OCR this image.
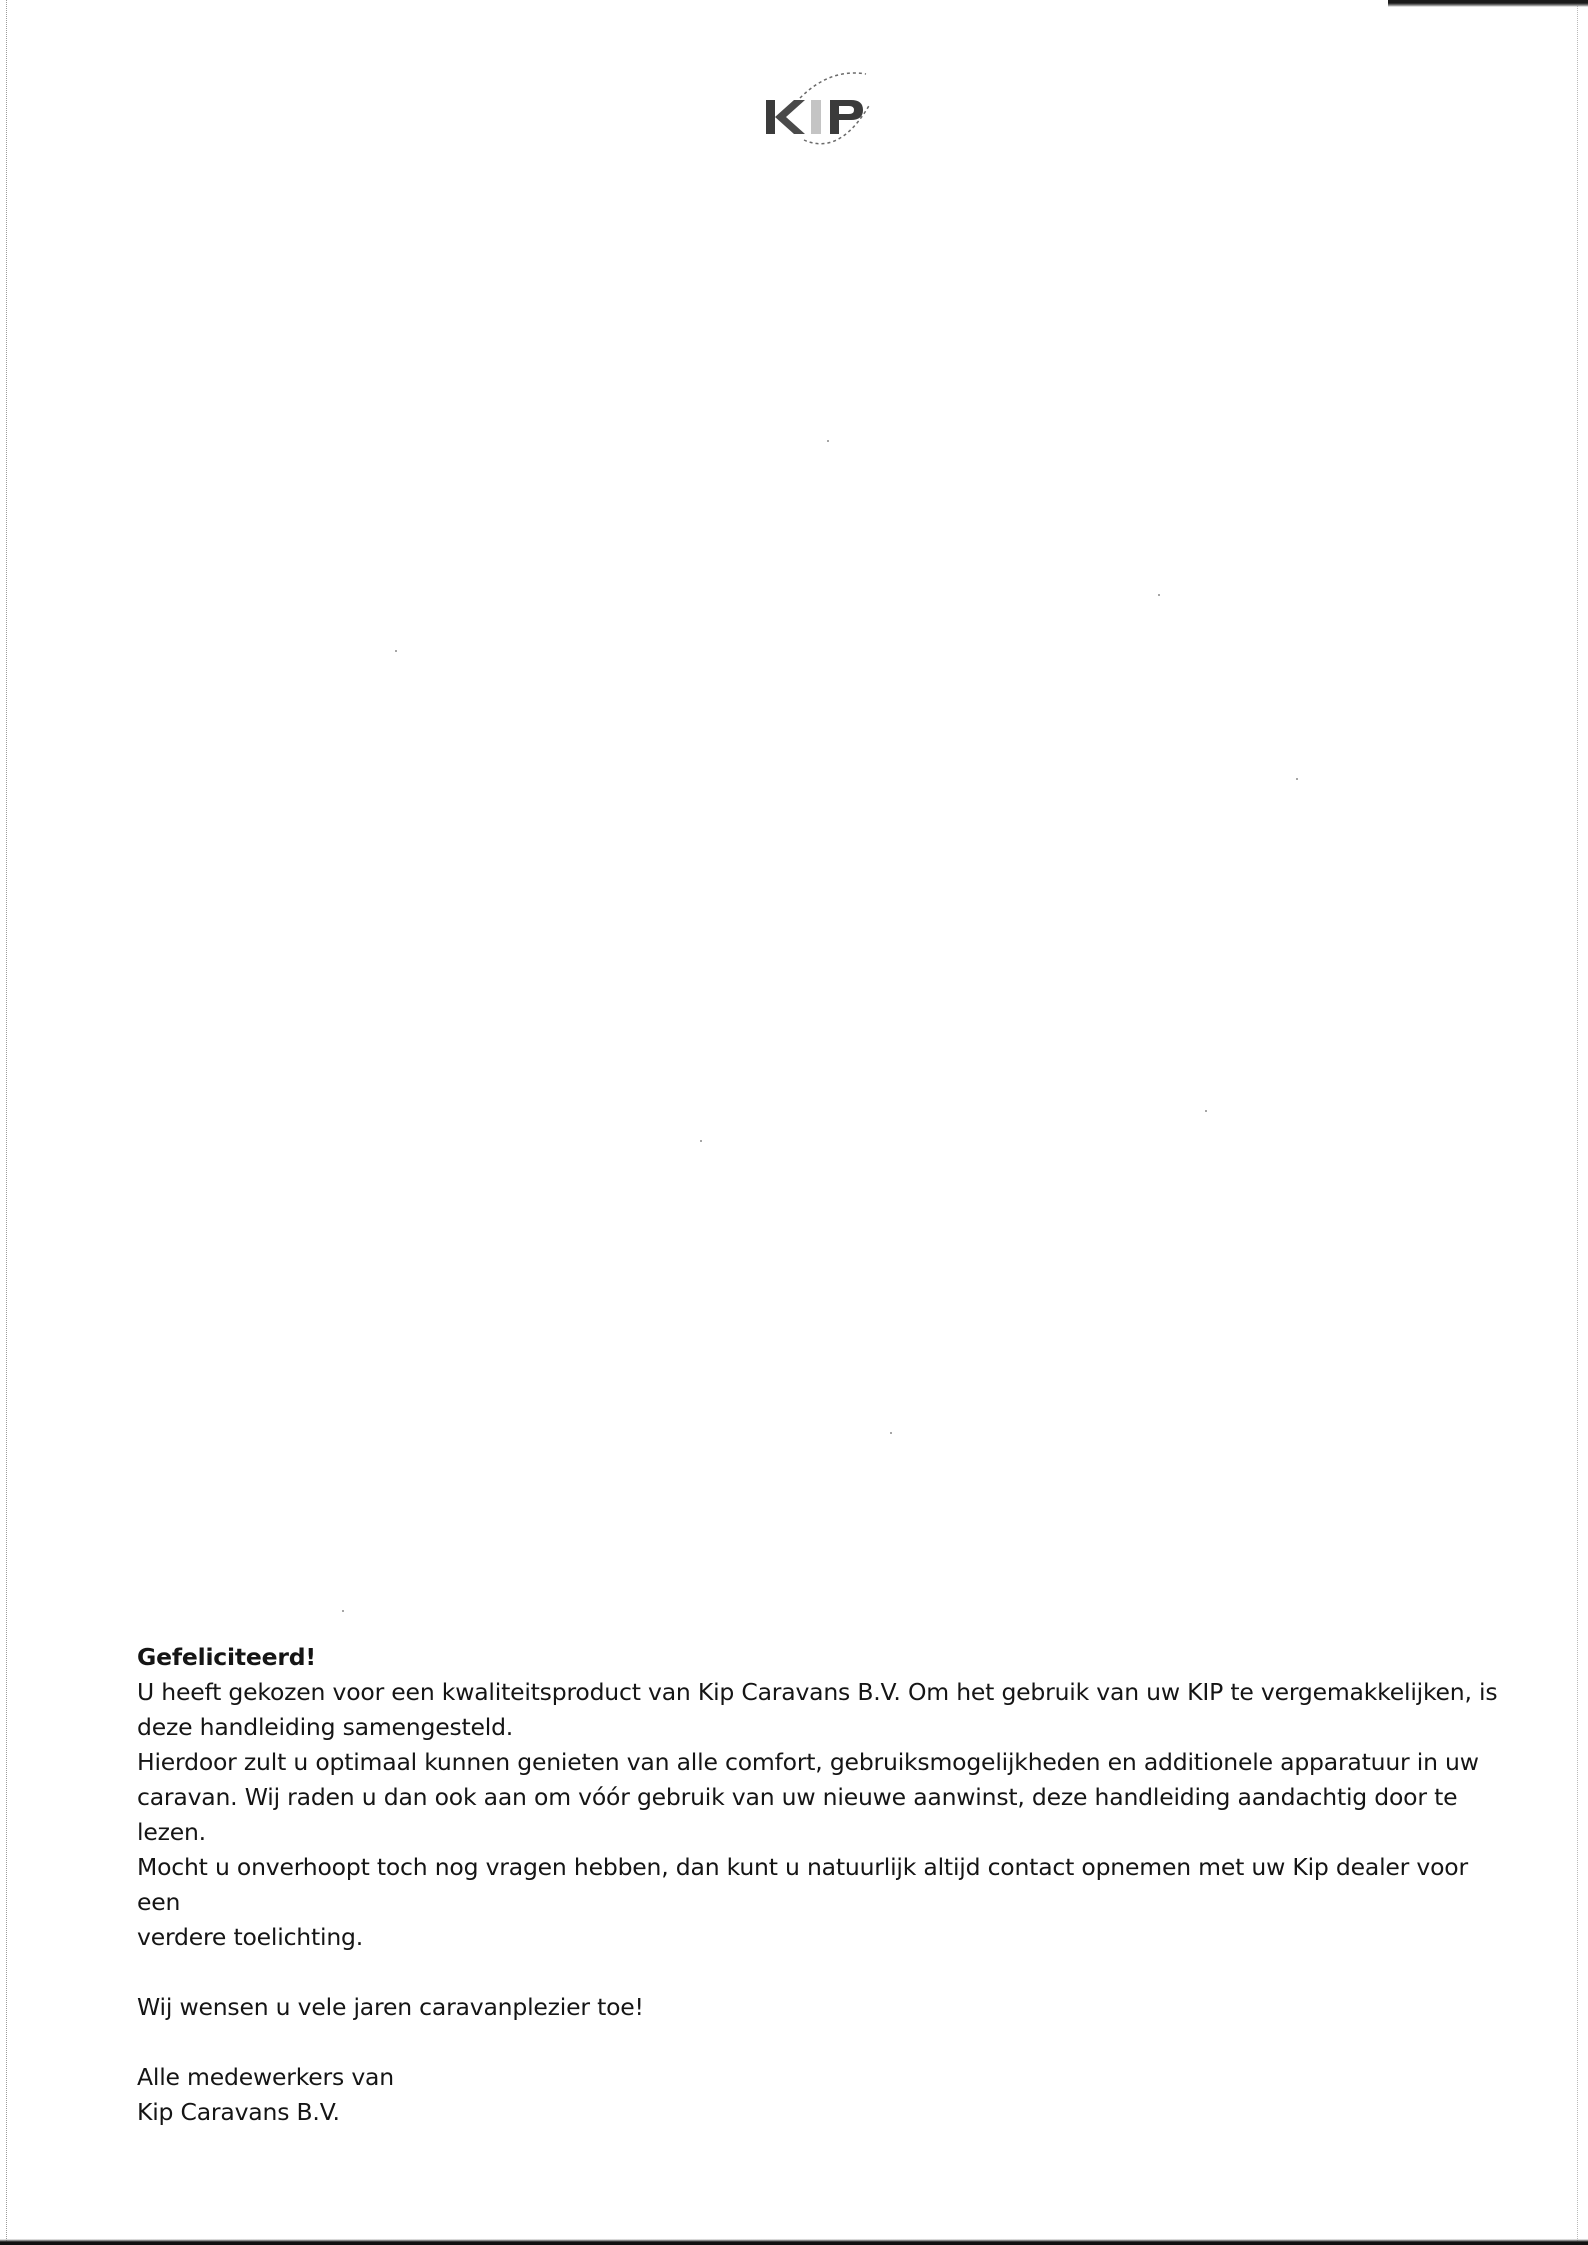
Gefeliciteerd!

U heeft gekozen voor een kwaliteitsproduct van Kip Caravans B.V. Om het gebruik van uw KIP te vergemakkelijken, is

deze handleiding samengesteld.

Hierdoor zult u optimaal kunnen genieten van alle comfort, gebruiksmogelijkheden en additionele apparatuur in uw

caravan. Wij raden u dan ook aan om vóór gebruik van uw nieuwe aanwinst, deze handleiding aandachtig door te lezen.

Mocht u onverhoopt toch nog vragen hebben, dan kunt u natuurlijk altijd contact opnemen met uw Kip dealer voor een

verdere toelichting.

Wij wensen u vele jaren caravanplezier toe!

Alle medewerkers van

Kip Caravans B.V.
